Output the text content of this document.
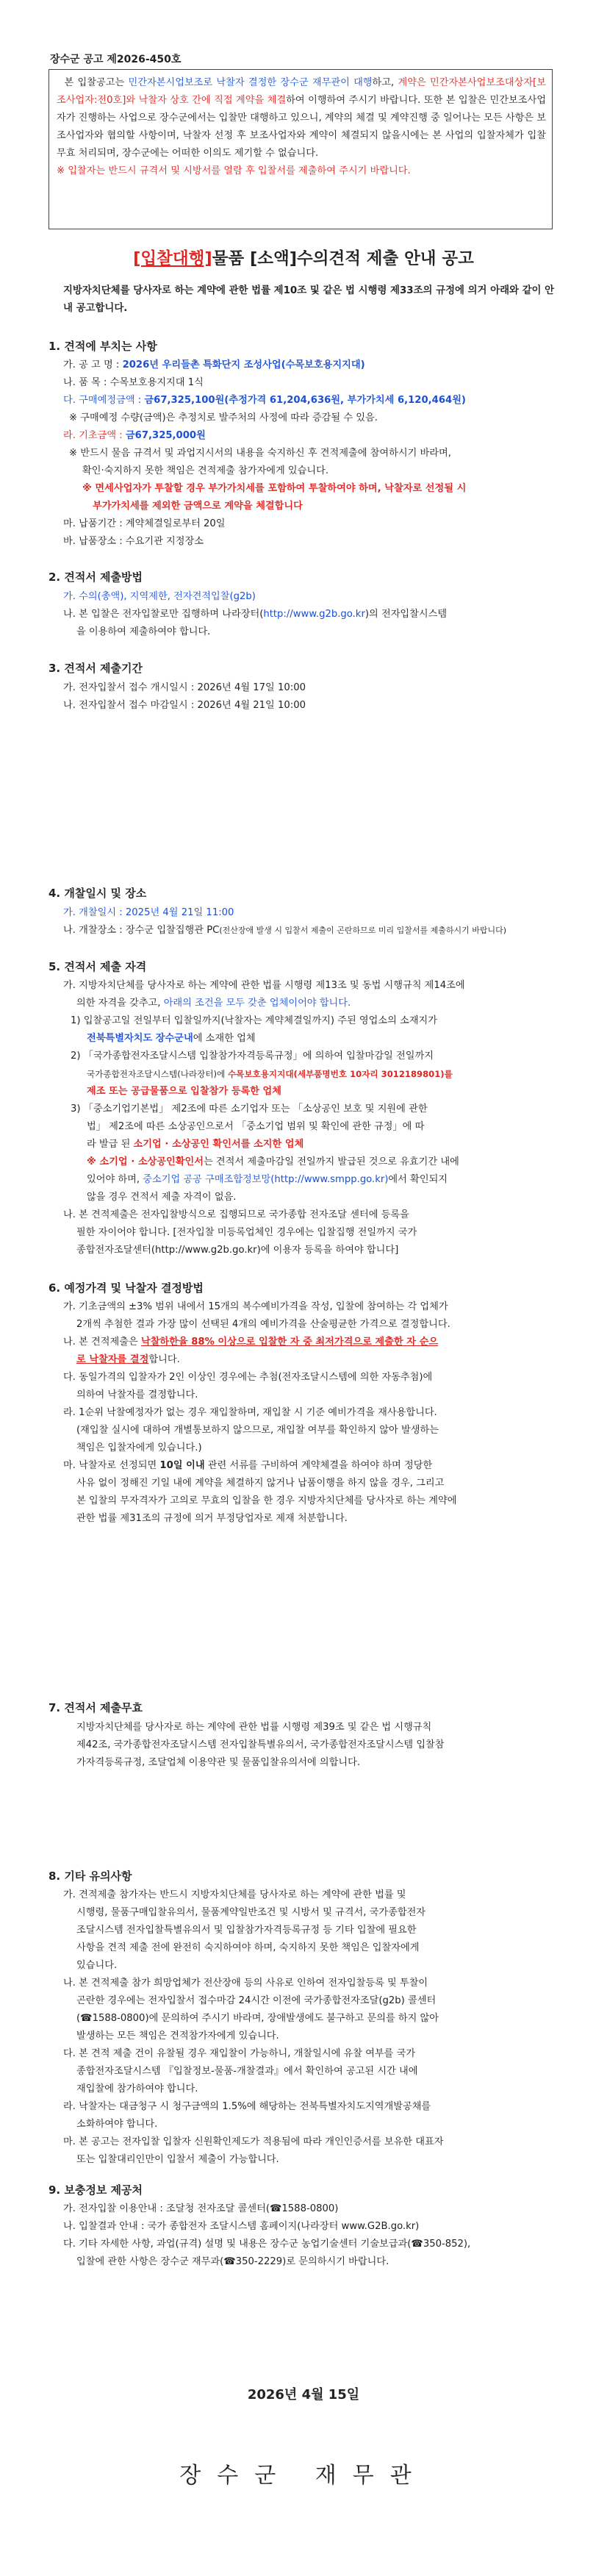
장수군 공고 제2026-450호
본 입찰공고는 민간자본시업보조로 낙찰자 결정한 장수군 재무관이 대행하고, 계약은 민간자본사업보조대상자[보조사업자:전0호]와 낙찰자 상호 간에 직접 계약을 체결하여 이행하여 주시기 바랍니다. 또한 본 입찰은 민간보조사업자가 진행하는 사업으로 장수군에서는 입찰만 대행하고 있으니, 계약의 체결 및 계약진행 중 일어나는 모든 사항은 보조사업자와 협의할 사항이며, 낙찰자 선정 후 보조사업자와 계약이 체결되지 않을시에는 본 사업의 입찰자체가 입찰무효 처리되며, 장수군에는 어떠한 이의도 제기할 수 없습니다.
※ 입찰자는 반드시 규격서 및 시방서를 열람 후 입찰서를 제출하여 주시기 바랍니다.
[입찰대행]물품 [소액]수의견적 제출 안내 공고
지방자치단체를 당사자로 하는 계약에 관한 법률 제10조 및 같은 법 시행령 제33조의 규정에 의거 아래와 같이 안내 공고합니다.
1. 견적에 부치는 사항
가. 공 고 명 : 2026년 우리들촌 특화단지 조성사업(수목보호용지지대)
나. 품 목 : 수목보호용지지대 1식
다. 구매예정금액 : 금67,325,100원(추정가격 61,204,636원, 부가가치세 6,120,464원)
※ 구매예정 수량(금액)은 추정치로 발주처의 사정에 따라 증감될 수 있음.
라. 기초금액 : 금67,325,000원
※ 반드시 물음 규격서 및 과업지시서의 내용을 숙지하신 후 견적제출에 참여하시기 바라며,
확인·숙지하지 못한 책임은 견적제출 참가자에게 있습니다.
※ 면세사업자가 투찰할 경우 부가가치세를 포함하여 투찰하여야 하며, 낙찰자로 선정될 시
부가가치세를 제외한 금액으로 계약을 체결합니다
마. 납품기간 : 계약체결일로부터 20일
바. 납품장소 : 수요기관 지정장소
2. 견적서 제출방법
가. 수의(총액), 지역제한, 전자견적입찰(g2b)
나. 본 입찰은 전자입찰로만 집행하며 나라장터(http://www.g2b.go.kr)의 전자입찰시스템
을 이용하여 제출하여야 합니다.
3. 견적서 제출기간
가. 전자입찰서 접수 개시일시 : 2026년 4월 17일 10:00
나. 전자입찰서 접수 마감일시 : 2026년 4월 21일 10:00
4. 개찰일시 및 장소
가. 개찰일시 : 2025년 4월 21일 11:00
나. 개찰장소 : 장수군 입찰집행관 PC(전산장애 발생 시 입찰서 제출이 곤란하므로 미리 입찰서를 제출하시기 바랍니다)
5. 견적서 제출 자격
가. 지방자치단체를 당사자로 하는 계약에 관한 법률 시행령 제13조 및 동법 시행규칙 제14조에
의한 자격을 갖추고, 아래의 조건을 모두 갖춘 업체이어야 합니다.
1) 입찰공고일 전일부터 입찰일까지(낙찰자는 계약체결일까지) 주된 영업소의 소재지가
전북특별자치도 장수군내에 소재한 업체
2) 「국가종합전자조달시스템 입찰참가자격등록규정」에 의하여 입찰마감일 전일까지
국가종합전자조달시스템(나라장터)에 수목보호용지지대(세부품명번호 10자리 3012189801)를
제조 또는 공급물품으로 입찰참가 등록한 업체
3) 「중소기업기본법」 제2조에 따른 소기업자 또는 「소상공인 보호 및 지원에 관한
법」 제2조에 따른 소상공인으로서 「중소기업 범위 및 확인에 관한 규정」에 따
라 발급 된 소기업 · 소상공인 확인서를 소지한 업체
※ 소기업 · 소상공인확인서는 견적서 제출마감일 전일까지 발급된 것으로 유효기간 내에
있어야 하며, 중소기업 공공 구매조합정보망(http://www.smpp.go.kr)에서 확인되지
않을 경우 견적서 제출 자격이 없음.
나. 본 견적제출은 전자입찰방식으로 집행되므로 국가종합 전자조달 센터에 등록을
필한 자이어야 합니다. [전자입찰 미등록업체인 경우에는 입찰집행 전일까지 국가
종합전자조달센터(http://www.g2b.go.kr)에 이용자 등록을 하여야 합니다]
6. 예정가격 및 낙찰자 결정방법
가. 기초금액의 ±3% 범위 내에서 15개의 복수예비가격을 작성, 입찰에 참여하는 각 업체가
2개씩 추첨한 결과 가장 많이 선택된 4개의 예비가격을 산술평균한 가격으로 결정합니다.
나. 본 견적제출은 낙찰하한율 88% 이상으로 입찰한 자 중 최저가격으로 제출한 자 순으
로 낙찰자를 결정합니다.
다. 동일가격의 입찰자가 2인 이상인 경우에는 추첨(전자조달시스템에 의한 자동추첨)에
의하여 낙찰자를 결정합니다.
라. 1순위 낙찰예정자가 없는 경우 재입찰하며, 재입찰 시 기준 예비가격을 재사용합니다.
(재입찰 실시에 대하여 개별통보하지 않으므로, 재입찰 여부를 확인하지 않아 발생하는
책임은 입찰자에게 있습니다.)
마. 낙찰자로 선정되면 10일 이내 관련 서류를 구비하여 계약체결을 하여야 하며 정당한
사유 없이 정해진 기일 내에 계약을 체결하지 않거나 납품이행을 하지 않을 경우, 그리고
본 입찰의 무자격자가 고의로 무효의 입찰을 한 경우 지방자치단체를 당사자로 하는 계약에
관한 법률 제31조의 규정에 의거 부정당업자로 제재 처분합니다.
7. 견적서 제출무효
지방자치단체를 당사자로 하는 계약에 관한 법률 시행령 제39조 및 같은 법 시행규칙
제42조, 국가종합전자조달시스템 전자입찰특별유의서, 국가종합전자조달시스템 입찰참
가자격등록규정, 조달업체 이용약관 및 물품입찰유의서에 의합니다.
8. 기타 유의사항
가. 견적제출 참가자는 반드시 지방자치단체를 당사자로 하는 계약에 관한 법률 및
시행령, 물품구매입찰유의서, 물품계약일반조건 및 시방서 및 규격서, 국가종합전자
조달시스템 전자입찰특별유의서 및 입찰참가자격등록규정 등 기타 입찰에 필요한
사항을 견적 제출 전에 완전히 숙지하여야 하며, 숙지하지 못한 책임은 입찰자에게
있습니다.
나. 본 견적제출 참가 희망업체가 전산장애 등의 사유로 인하여 전자입찰등록 및 투찰이
곤란한 경우에는 전자입찰서 접수마감 24시간 이전에 국가종합전자조달(g2b) 콜센터
(☎1588-0800)에 문의하여 주시기 바라며, 장애발생에도 불구하고 문의를 하지 않아
발생하는 모든 책임은 견적참가자에게 있습니다.
다. 본 견적 제출 건이 유찰될 경우 재입찰이 가능하니, 개찰일시에 유찰 여부를 국가
종합전자조달시스템 『입찰정보-물품-개찰결과』에서 확인하여 공고된 시간 내에
재입찰에 참가하여야 합니다.
라. 낙찰자는 대금청구 시 청구금액의 1.5%에 해당하는 전북특별자치도지역개발공채를
소화하여야 합니다.
마. 본 공고는 전자입찰 입찰자 신원확인제도가 적용됨에 따라 개인인증서를 보유한 대표자
또는 입찰대리인만이 입찰서 제출이 가능합니다.
9. 보충정보 제공처
가. 전자입찰 이용안내 : 조달청 전자조달 콜센터(☎1588-0800)
나. 입찰결과 안내 : 국가 종합전자 조달시스템 홈페이지(나라장터 www.G2B.go.kr)
다. 기타 자세한 사항, 과업(규격) 설명 및 내용은 장수군 농업기술센터 기술보급과(☎350-852),
입찰에 관한 사항은 장수군 재무과(☎350-2229)로 문의하시기 바랍니다.
2026년 4월 15일
장수군 재무관
